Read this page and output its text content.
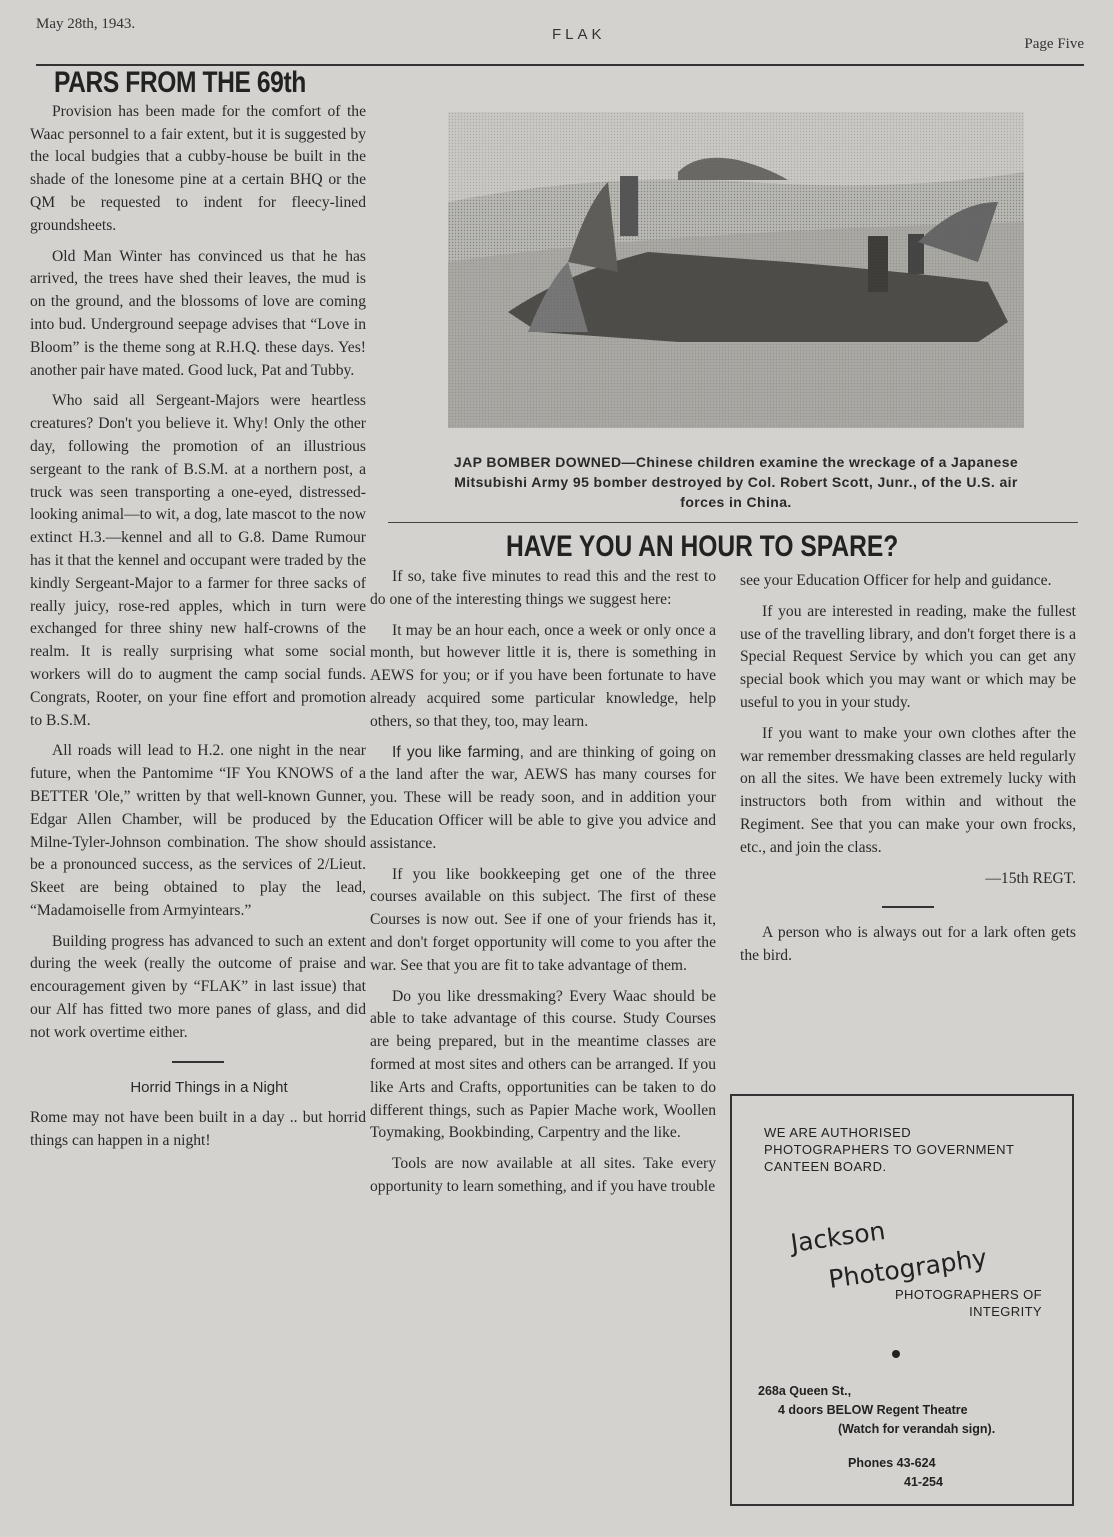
May 28th, 1943.
FLAK
Page Five
PARS FROM THE 69th

Provision has been made for the comfort of the Waac personnel to a fair extent, but it is suggested by the local budgies that a cubby-house be built in the shade of the lonesome pine at a certain BHQ or the QM be requested to indent for fleecy-lined groundsheets.

Old Man Winter has convinced us that he has arrived, the trees have shed their leaves, the mud is on the ground, and the blossoms of love are coming into bud. Underground seepage advises that “Love in Bloom” is the theme song at R.H.Q. these days. Yes! another pair have mated. Good luck, Pat and Tubby.

Who said all Sergeant-Majors were heartless creatures? Don't you believe it. Why! Only the other day, following the promotion of an illustrious sergeant to the rank of B.S.M. at a northern post, a truck was seen transporting a one-eyed, distressed-looking animal—to wit, a dog, late mascot to the now extinct H.3.—kennel and all to G.8. Dame Rumour has it that the kennel and occupant were traded by the kindly Sergeant-Major to a farmer for three sacks of really juicy, rose-red apples, which in turn were exchanged for three shiny new half-crowns of the realm. It is really surprising what some social workers will do to augment the camp social funds. Congrats, Rooter, on your fine effort and promotion to B.S.M.

All roads will lead to H.2. one night in the near future, when the Pantomime “IF You KNOWS of a BETTER 'Ole,” written by that well-known Gunner, Edgar Allen Chamber, will be produced by the Milne-Tyler-Johnson combination. The show should be a pronounced success, as the services of 2/Lieut. Skeet are being obtained to play the lead, “Madamoiselle from Armyintears.”

Building progress has advanced to such an extent during the week (really the outcome of praise and encouragement given by “FLAK” in last issue) that our Alf has fitted two more panes of glass, and did not work overtime either.

Horrid Things in a Night

Rome may not have been built in a day .. but horrid things can happen in a night!

JAP BOMBER DOWNED—Chinese children examine the wreckage of a Japanese Mitsubishi Army 95 bomber destroyed by Col. Robert Scott, Junr., of the U.S. air forces in China.
HAVE YOU AN HOUR TO SPARE?

If so, take five minutes to read this and the rest to do one of the interesting things we suggest here:

It may be an hour each, once a week or only once a month, but however little it is, there is something in AEWS for you; or if you have been fortunate to have already acquired some particular knowledge, help others, so that they, too, may learn.

If you like farming, and are thinking of going on the land after the war, AEWS has many courses for you. These will be ready soon, and in addition your Education Officer will be able to give you advice and assistance.

If you like bookkeeping get one of the three courses available on this subject. The first of these Courses is now out. See if one of your friends has it, and don't forget opportunity will come to you after the war. See that you are fit to take advantage of them.

Do you like dressmaking? Every Waac should be able to take advantage of this course. Study Courses are being prepared, but in the meantime classes are formed at most sites and others can be arranged. If you like Arts and Crafts, opportunities can be taken to do different things, such as Papier Mache work, Woollen Toymaking, Bookbinding, Carpentry and the like.

Tools are now available at all sites. Take every opportunity to learn something, and if you have trouble

see your Education Officer for help and guidance.

If you are interested in reading, make the fullest use of the travelling library, and don't forget there is a Special Request Service by which you can get any special book which you may want or which may be useful to you in your study.

If you want to make your own clothes after the war remember dressmaking classes are held regularly on all the sites. We have been extremely lucky with instructors both from within and without the Regiment. See that you can make your own frocks, etc., and join the class.

—15th REGT.

A person who is always out for a lark often gets the bird.

WE ARE AUTHORISED
PHOTOGRAPHERS TO GOVERNMENT
CANTEEN BOARD.
Jackson
Photography
PHOTOGRAPHERS OF
INTEGRITY
268a Queen St.,
4 doors BELOW Regent Theatre
(Watch for verandah sign).
Phones 43-624
41-254
